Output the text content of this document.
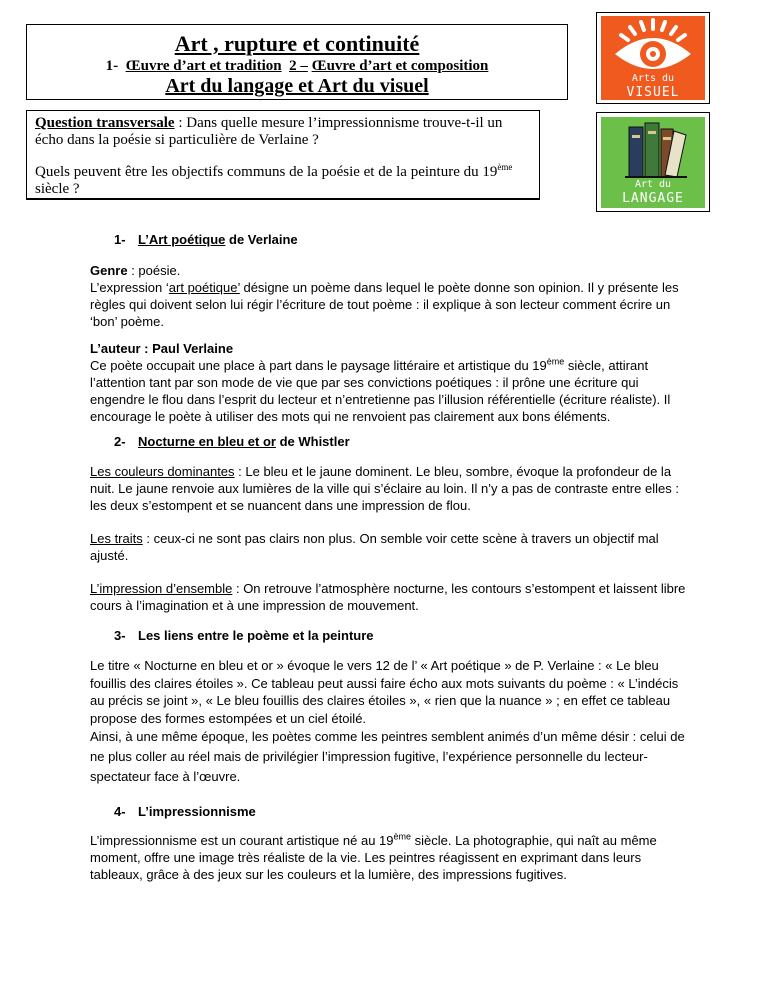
Art , rupture et continuité
1- Œuvre d’art et tradition 2 – Œuvre d’art et composition
Art du langage et Art du visuel

Question transversale : Dans quelle mesure l’impressionnisme trouve-t-il un écho dans la poésie si particulière de Verlaine ?

Quels peuvent être les objectifs communs de la poésie et de la peinture du 19ème siècle ?

Arts du
VISUEL
Art du
LANGAGE
1- L’Art poétique de Verlaine

Genre : poésie.

L’expression ‘art poétique’ désigne un poème dans lequel le poète donne son opinion. Il y présente les règles qui doivent selon lui régir l’écriture de tout poème : il explique à son lecteur comment écrire un ‘bon’ poème.

L’auteur : Paul Verlaine

Ce poète occupait une place à part dans le paysage littéraire et artistique du 19ème siècle, attirant l’attention tant par son mode de vie que par ses convictions poétiques : il prône une écriture qui engendre le flou dans l’esprit du lecteur et n’entretienne pas l’illusion référentielle (écriture réaliste). Il encourage le poète à utiliser des mots qui ne renvoient pas clairement aux bons éléments.

2- Nocturne en bleu et or de Whistler

Les couleurs dominantes : Le bleu et le jaune dominent. Le bleu, sombre, évoque la profondeur de la nuit. Le jaune renvoie aux lumières de la ville qui s’éclaire au loin. Il n’y a pas de contraste entre elles : les deux s’estompent et se nuancent dans une impression de flou.

Les traits : ceux-ci ne sont pas clairs non plus. On semble voir cette scène à travers un objectif mal ajusté.

L’impression d’ensemble : On retrouve l’atmosphère nocturne, les contours s’estompent et laissent libre cours à l’imagination et à une impression de mouvement.

3- Les liens entre le poème et la peinture

Le titre « Nocturne en bleu et or » évoque le vers 12 de l’ « Art poétique » de P. Verlaine : « Le bleu fouillis des claires étoiles ». Ce tableau peut aussi faire écho aux mots suivants du poème : « L’indécis au précis se joint », « Le bleu fouillis des claires étoiles », « rien que la nuance » ; en effet ce tableau propose des formes estompées et un ciel étoilé.

Ainsi, à une même époque, les poètes comme les peintres semblent animés d’un même désir : celui de ne plus coller au réel mais de privilégier l’impression fugitive, l’expérience personnelle du lecteur-spectateur face à l’œuvre.

4- L’impressionnisme

L’impressionnisme est un courant artistique né au 19ème siècle. La photographie, qui naît au même moment, offre une image très réaliste de la vie. Les peintres réagissent en exprimant dans leurs tableaux, grâce à des jeux sur les couleurs et la lumière, des impressions fugitives.
